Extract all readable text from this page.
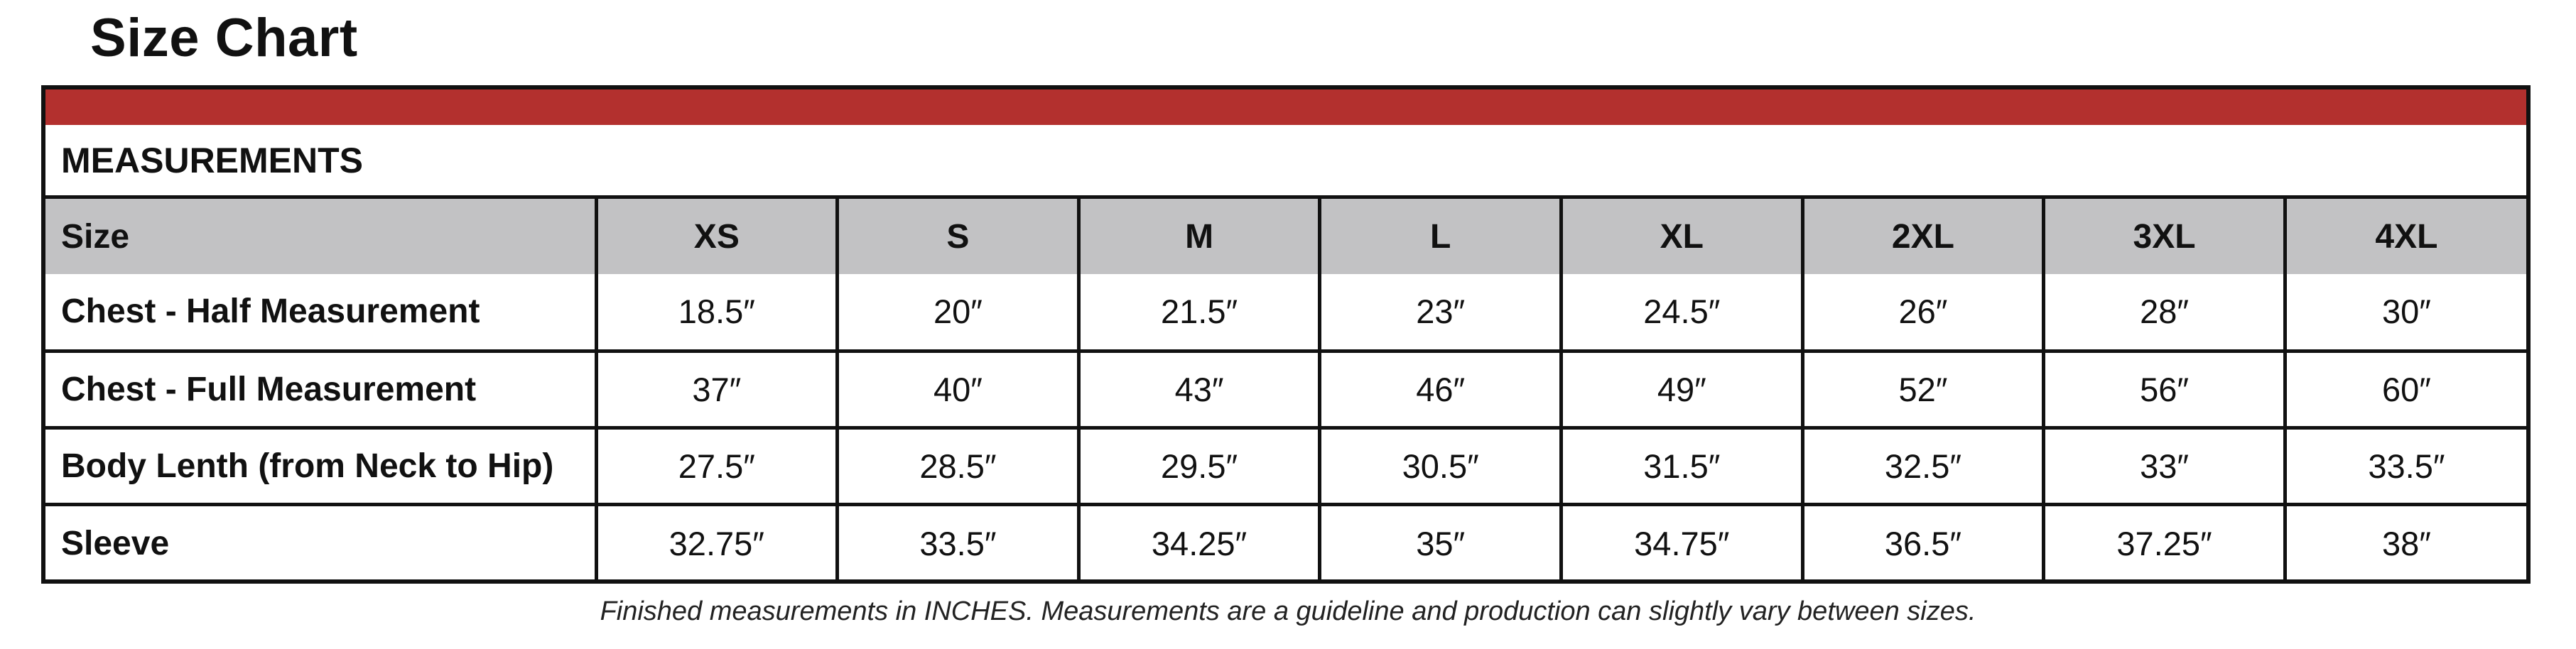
Size Chart
MEASUREMENTS
Size	XS	S	M	L	XL	2XL	3XL	4XL
Chest - Half Measurement	18.5″	20″	21.5″	23″	24.5″	26″	28″	30″
Chest - Full Measurement	37″	40″	43″	46″	49″	52″	56″	60″
Body Lenth (from Neck to Hip)	27.5″	28.5″	29.5″	30.5″	31.5″	32.5″	33″	33.5″
Sleeve	32.75″	33.5″	34.25″	35″	34.75″	36.5″	37.25″	38″
Finished measurements in INCHES. Measurements are a guideline and production can slightly vary between sizes.
